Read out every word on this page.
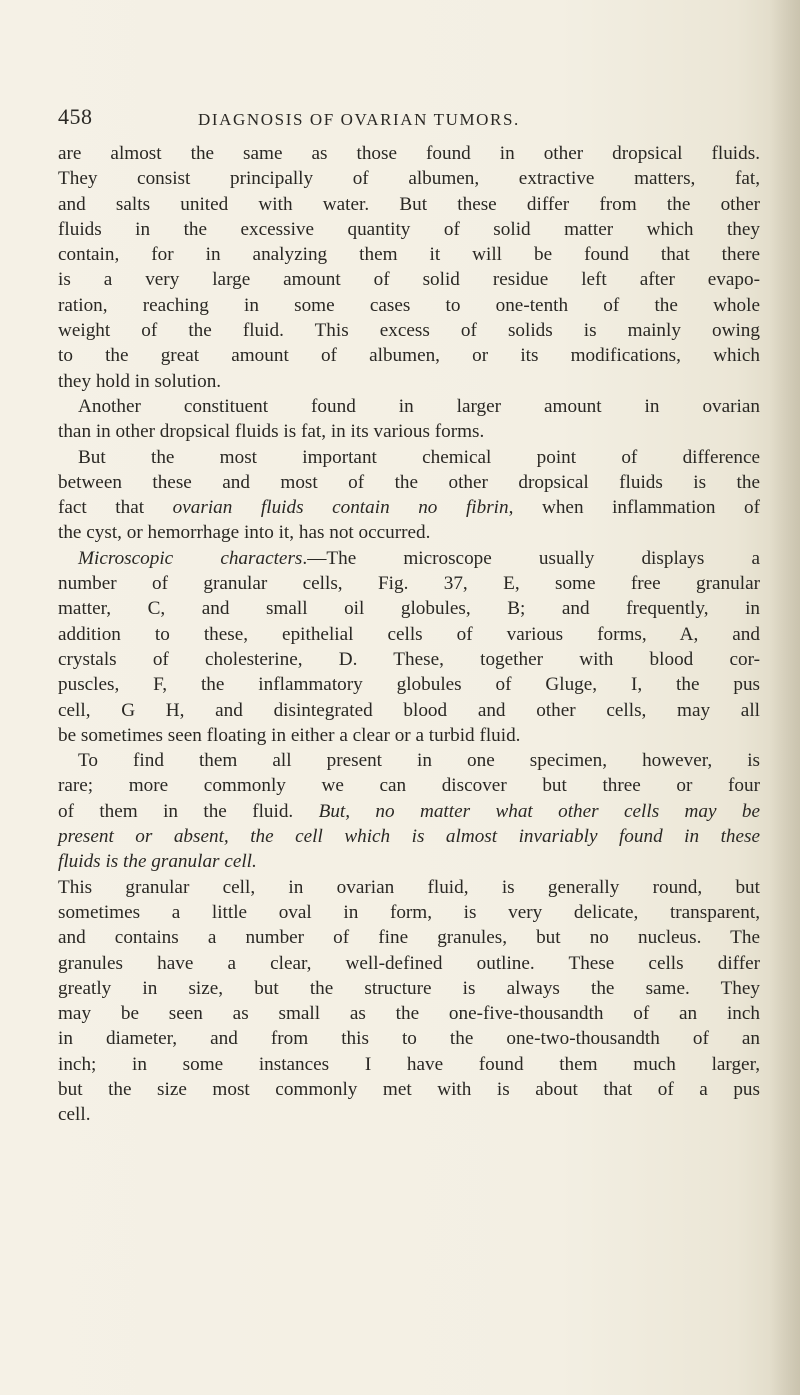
458	DIAGNOSIS OF OVARIAN TUMORS.
are almost the same as those found in other dropsical fluids.
They consist principally of albumen, extractive matters, fat,
and salts united with water. But these differ from the other
fluids in the excessive quantity of solid matter which they
contain, for in analyzing them it will be found that there
is a very large amount of solid residue left after evapo-
ration, reaching in some cases to one-tenth of the whole
weight of the fluid. This excess of solids is mainly owing
to the great amount of albumen, or its modifications, which
they hold in solution.
Another constituent found in larger amount in ovarian
than in other dropsical fluids is fat, in its various forms.
But the most important chemical point of difference
between these and most of the other dropsical fluids is the
fact that ovarian fluids contain no fibrin, when inflammation of
the cyst, or hemorrhage into it, has not occurred.
Microscopic characters.—The microscope usually displays a
number of granular cells, Fig. 37, E, some free granular
matter, C, and small oil globules, B; and frequently, in
addition to these, epithelial cells of various forms, A, and
crystals of cholesterine, D. These, together with blood cor-
puscles, F, the inflammatory globules of Gluge, I, the pus
cell, G H, and disintegrated blood and other cells, may all
be sometimes seen floating in either a clear or a turbid fluid.
To find them all present in one specimen, however, is
rare; more commonly we can discover but three or four
of them in the fluid. But, no matter what other cells may be
present or absent, the cell which is almost invariably found in these
fluids is the granular cell.
This granular cell, in ovarian fluid, is generally round, but
sometimes a little oval in form, is very delicate, transparent,
and contains a number of fine granules, but no nucleus. The
granules have a clear, well-defined outline. These cells differ
greatly in size, but the structure is always the same. They
may be seen as small as the one-five-thousandth of an inch
in diameter, and from this to the one-two-thousandth of an
inch; in some instances I have found them much larger,
but the size most commonly met with is about that of a pus
cell.
